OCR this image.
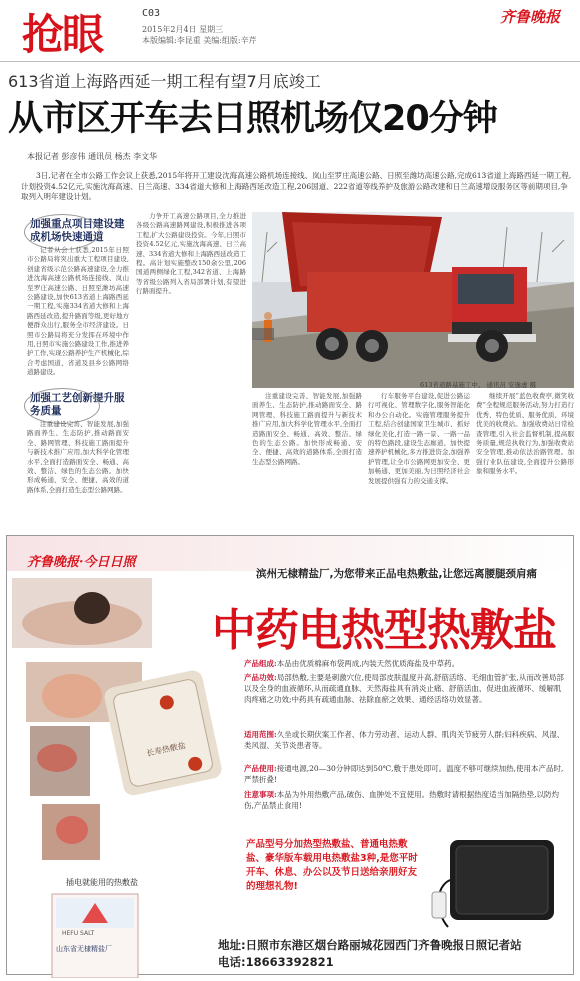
抢眼	C03
2015年2月4日 星期三
本版编辑:李昆重 美编:组版:辛芹
齐鲁晚报
613省道上海路西延一期工程有望7月底竣工
从市区开车去日照机场仅20分钟
本报记者 彭彦伟 通讯员 杨杰 李文华
3日,记者在全市公路工作会议上获悉,2015年将开工建设沈海高速公路机场连接线、岚山至罗庄高速公路、日照至潍坊高速公路,完成613省道上海路西延一期工程,计划投资4.52亿元,实施沈海高速、日兰高速、334省道大修和上海路西延改造工程,206国道、222省道等线养护及旅游公路改建和日兰高速增设服务区等前期项目,争取列入明年建设计划。
加强重点项目建设建成机场快速通道
记者从会上获悉,2015年日照市公路局将突出重大工程项目建设,创建省级示范公路高速建设,全力推进沈海高速公路机场连接线、岚山至罗庄高速公路、日照至潍坊高速公路建设,加快613省道上海路西延一期工程,实施334省道大修和上海路西延改造,提升路面等级,更好地方便群众出行,服务全市经济建设。日照市公路局将充分发挥在环境中作用,日照市实施公路建设工作,推进养护工作,实现公路养护生产机械化,综合考虑国道、省道及县乡公路网络道路建设。
加强工艺创新提升服务质量
注重建设完善、智能发展,加强路面养生、生态防护,推动路面安全、路网管理、科技施工路面提升与新技术推广应用,加大科学化管理水平,全面打造路面安全、畅通、高效、整洁、绿色的生态公路。加快形成畅通、安全、便捷、高效的道路体系,全面打造生态型公路网路。
力争开工高速公路项目,全力推进各级公路高速路网建设,积极推进各项工程,扩大公路建设投资。今年,日照市投资4.52亿元,实施沈海高速、日兰高速、334省道大修和上海路西延改造工程。高计划实施整改150余公里,206国道两侧绿化工程,342省道、上海路等省级公路列入省局部署计划,有望进行路面提升。
注重建设完善、智能发展,加强路面养生、生态防护,推动路面安全、路网管理、科技施工路面提升与新技术推广应用,加大科学化管理水平,全面打造路面安全、畅通、高效、整洁、绿色的生态公路。加快形成畅通、安全、便捷、高效的道路体系,全面打造生态型公路网路。
行车服务平台建设,促进公路运行可视化、管理数字化,服务智能化和办公自动化。实施管理服务提升工程,结合创建国家卫生城市、抓好绿化美化,打造一路一景、一路一品的特色路段,建设生态廊道、加快提速养护机械化,多方推进资金,加强养护管理,让全市公路网更加安全、更加畅通、更加美丽,为日照经济社会发展提供强有力的交通支撑。
继续开展“蓝色收费亭,微笑收费”全程规范服务活动,努力打造行优秀、特色优质、服务优质、环境优美的收费站。加强收费站日常检查管理,引入社会监督机制,提高服务质量,规范执收行为,加强收费站安全管理,推动依法治路管理。加强行业队伍建设,全面提升公路形象和服务水平。
613省道路基施工中。 通讯员 安逸虚 摄
齐鲁晚报·今日日照
滨州无棣精盐厂,为您带来正品电热敷盐,让您远离腰腿颈肩痛
中药电热型热敷盐
长寿热敷盐
插电就能用的热敷盐
HEFU SALT
山东省无棣精盐厂
产品组成:本品由优质棉麻布袋两成,内装天然优质海盐及中草药。
产品功效:局部热敷,主要是刺激穴位,使局部皮肤温度升高,舒筋活络、毛细血管扩张,从而改善局部以及全身的血液循环,从而疏通血脉、天然海盐具有消炎止痛、舒筋活血、促进血液循环、缓解肌肉疼痛之功效;中药具有疏通血脉、祛除血瘀之效果、通经活络功效显著。
适用范围:久坐或长期伏案工作者、体力劳动者、运动人群、肌肉关节疲劳人群;妇科疾病、风湿、类风湿、关节炎患者等。
产品使用:接通电源,20—30分钟即达到50℃,敷于患处即可。温度不够可继续加热,使用本产品时,严禁折叠!
注意事项:本品为外用热敷产品,破伤、血肿处不宜使用。热敷时请根据热度适当加隔热垫,以防灼伤,产品禁止食用!
产品型号分加热型热敷盐、普通电热敷盐、豪华版车载用电热敷盐3种,是您平时开车、休息、办公以及节日送给亲朋好友的理想礼物!
地址:日照市东港区烟台路丽城花园西门齐鲁晚报日照记者站
电话:18663392821
